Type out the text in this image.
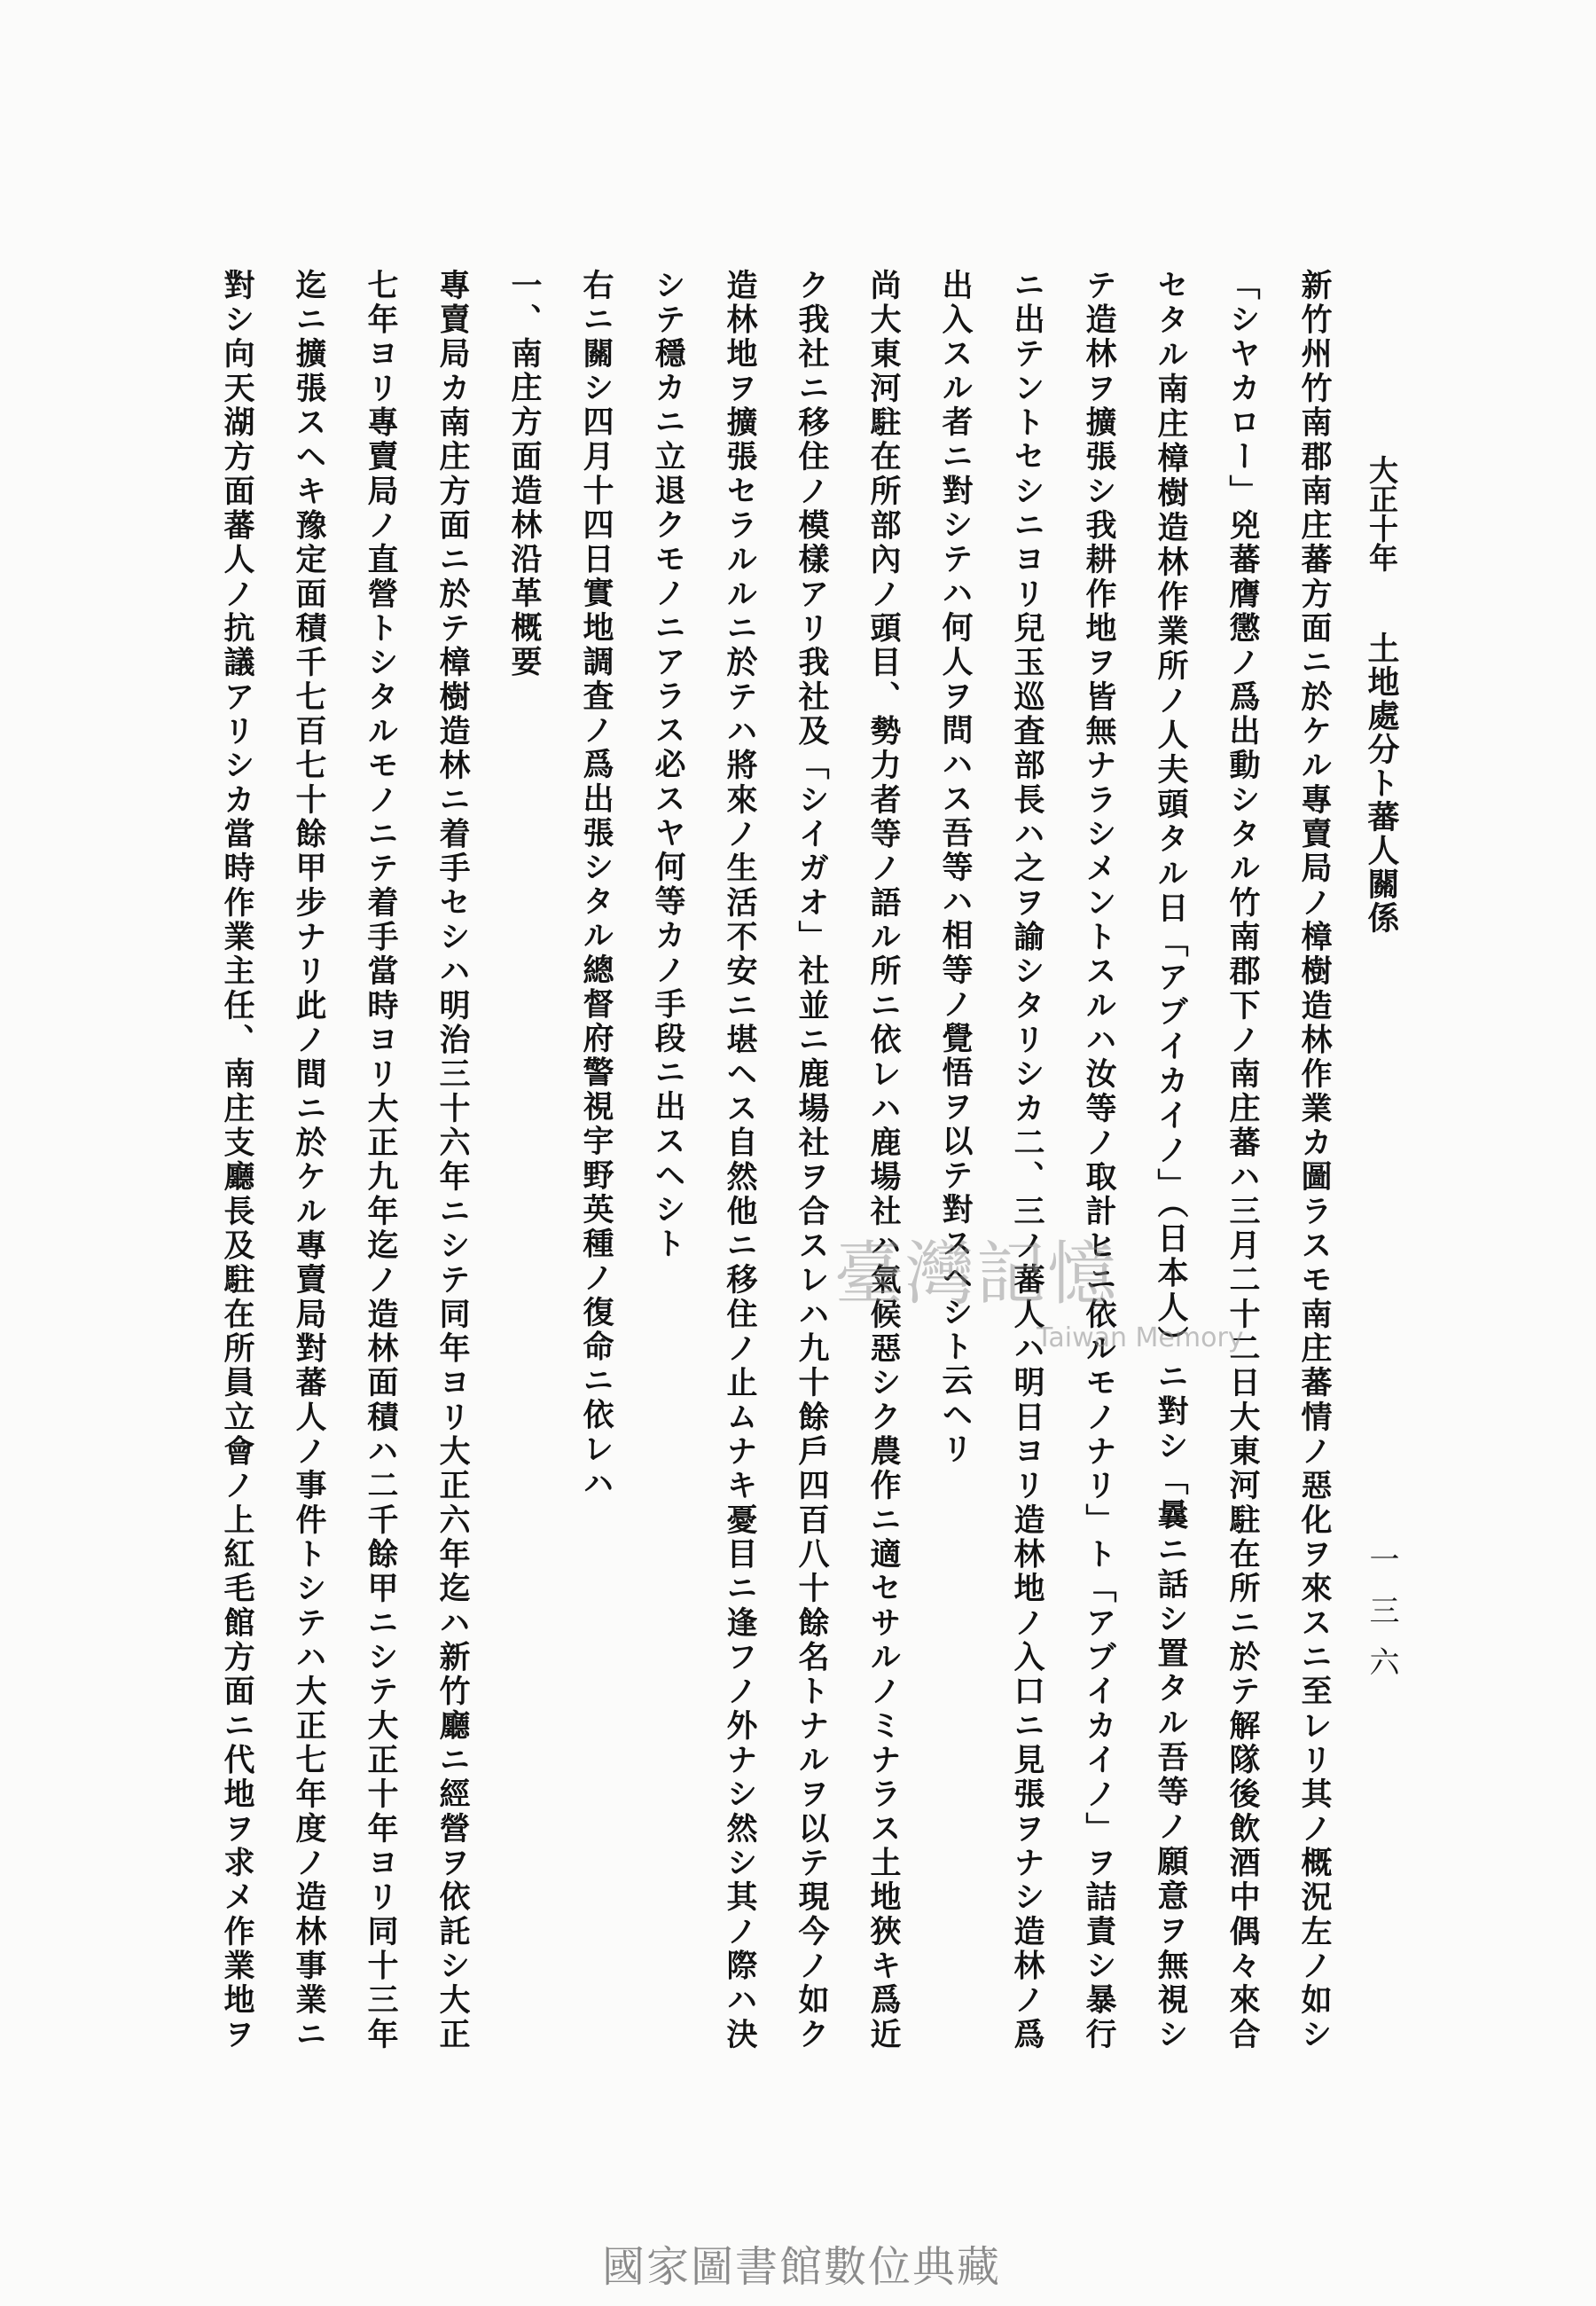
大正十年
土地處分ト蕃人關係
一三六
新竹州竹南郡南庄蕃方面ニ於ケル專賣局ノ樟樹造林作業カ圖ラスモ南庄蕃情ノ惡化ヲ來スニ至レリ其ノ概況左ノ如シ
「シヤカロー」兇蕃膺懲ノ爲出動シタル竹南郡下ノ南庄蕃ハ三月二十二日大東河駐在所ニ於テ解隊後飲酒中偶々來合
セタル南庄樟樹造林作業所ノ人夫頭タル日「アブイカイノ」（日本人）ニ對シ「曩ニ話シ置タル吾等ノ願意ヲ無視シ
テ造林ヲ擴張シ我耕作地ヲ皆無ナラシメントスルハ汝等ノ取計ヒニ依ルモノナリ」ト「アブイカイノ」ヲ詰責シ暴行
ニ出テントセシニヨリ兒玉巡査部長ハ之ヲ諭シタリシカ二、三ノ蕃人ハ明日ヨリ造林地ノ入口ニ見張ヲナシ造林ノ爲
出入スル者ニ對シテハ何人ヲ問ハス吾等ハ相等ノ覺悟ヲ以テ對スヘシト云ヘリ
尚大東河駐在所部內ノ頭目、勢力者等ノ語ル所ニ依レハ鹿場社ハ氣候惡シク農作ニ適セサルノミナラス土地狹キ爲近
ク我社ニ移住ノ模樣アリ我社及「シイガオ」社並ニ鹿場社ヲ合スレハ九十餘戶四百八十餘名トナルヲ以テ現今ノ如ク
造林地ヲ擴張セラルルニ於テハ將來ノ生活不安ニ堪ヘス自然他ニ移住ノ止ムナキ憂目ニ逢フノ外ナシ然シ其ノ際ハ決
シテ穩カニ立退クモノニアラス必スヤ何等カノ手段ニ出スヘシト
右ニ關シ四月十四日實地調査ノ爲出張シタル總督府警視宇野英種ノ復命ニ依レハ
一、南庄方面造林沿革概要
專賣局カ南庄方面ニ於テ樟樹造林ニ着手セシハ明治三十六年ニシテ同年ヨリ大正六年迄ハ新竹廳ニ經營ヲ依託シ大正
七年ヨリ專賣局ノ直營トシタルモノニテ着手當時ヨリ大正九年迄ノ造林面積ハ二千餘甲ニシテ大正十年ヨリ同十三年
迄ニ擴張スヘキ豫定面積千七百七十餘甲步ナリ此ノ間ニ於ケル專賣局對蕃人ノ事件トシテハ大正七年度ノ造林事業ニ
對シ向天湖方面蕃人ノ抗議アリシカ當時作業主任、南庄支廳長及駐在所員立會ノ上紅毛館方面ニ代地ヲ求メ作業地ヲ	臺灣記憶
Taiwan Memory
國家圖書館數位典藏
